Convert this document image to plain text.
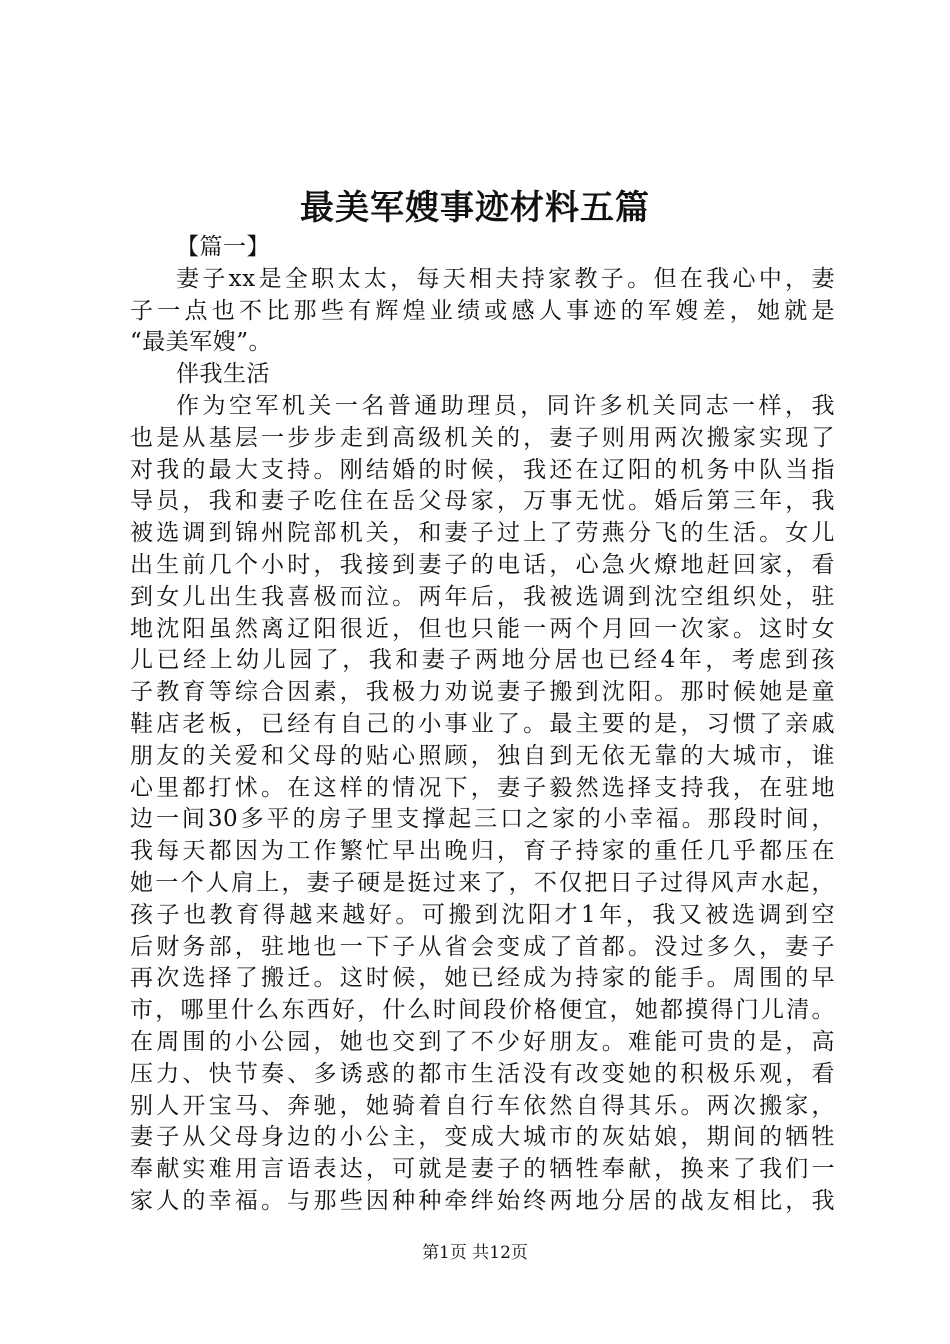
最美军嫂事迹材料五篇
【篇一】
妻子xx是全职太太，每天相夫持家教子。但在我心中，妻
子一点也不比那些有辉煌业绩或感人事迹的军嫂差，她就是
“最美军嫂”。
伴我生活
作为空军机关一名普通助理员，同许多机关同志一样，我
也是从基层一步步走到高级机关的，妻子则用两次搬家实现了
对我的最大支持。刚结婚的时候，我还在辽阳的机务中队当指
导员，我和妻子吃住在岳父母家，万事无忧。婚后第三年，我
被选调到锦州院部机关，和妻子过上了劳燕分飞的生活。女儿
出生前几个小时，我接到妻子的电话，心急火燎地赶回家，看
到女儿出生我喜极而泣。两年后，我被选调到沈空组织处，驻
地沈阳虽然离辽阳很近，但也只能一两个月回一次家。这时女
儿已经上幼儿园了，我和妻子两地分居也已经4年，考虑到孩
子教育等综合因素，我极力劝说妻子搬到沈阳。那时候她是童
鞋店老板，已经有自己的小事业了。最主要的是，习惯了亲戚
朋友的关爱和父母的贴心照顾，独自到无依无靠的大城市，谁
心里都打怵。在这样的情况下，妻子毅然选择支持我，在驻地
边一间30多平的房子里支撑起三口之家的小幸福。那段时间，
我每天都因为工作繁忙早出晚归，育子持家的重任几乎都压在
她一个人肩上，妻子硬是挺过来了，不仅把日子过得风声水起，
孩子也教育得越来越好。可搬到沈阳才1年，我又被选调到空
后财务部，驻地也一下子从省会变成了首都。没过多久，妻子
再次选择了搬迁。这时候，她已经成为持家的能手。周围的早
市，哪里什么东西好，什么时间段价格便宜，她都摸得门儿清。
在周围的小公园，她也交到了不少好朋友。难能可贵的是，高
压力、快节奏、多诱惑的都市生活没有改变她的积极乐观，看
别人开宝马、奔驰，她骑着自行车依然自得其乐。两次搬家，
妻子从父母身边的小公主，变成大城市的灰姑娘，期间的牺牲
奉献实难用言语表达，可就是妻子的牺牲奉献，换来了我们一
家人的幸福。与那些因种种牵绊始终两地分居的战友相比，我
第1页 共12页
